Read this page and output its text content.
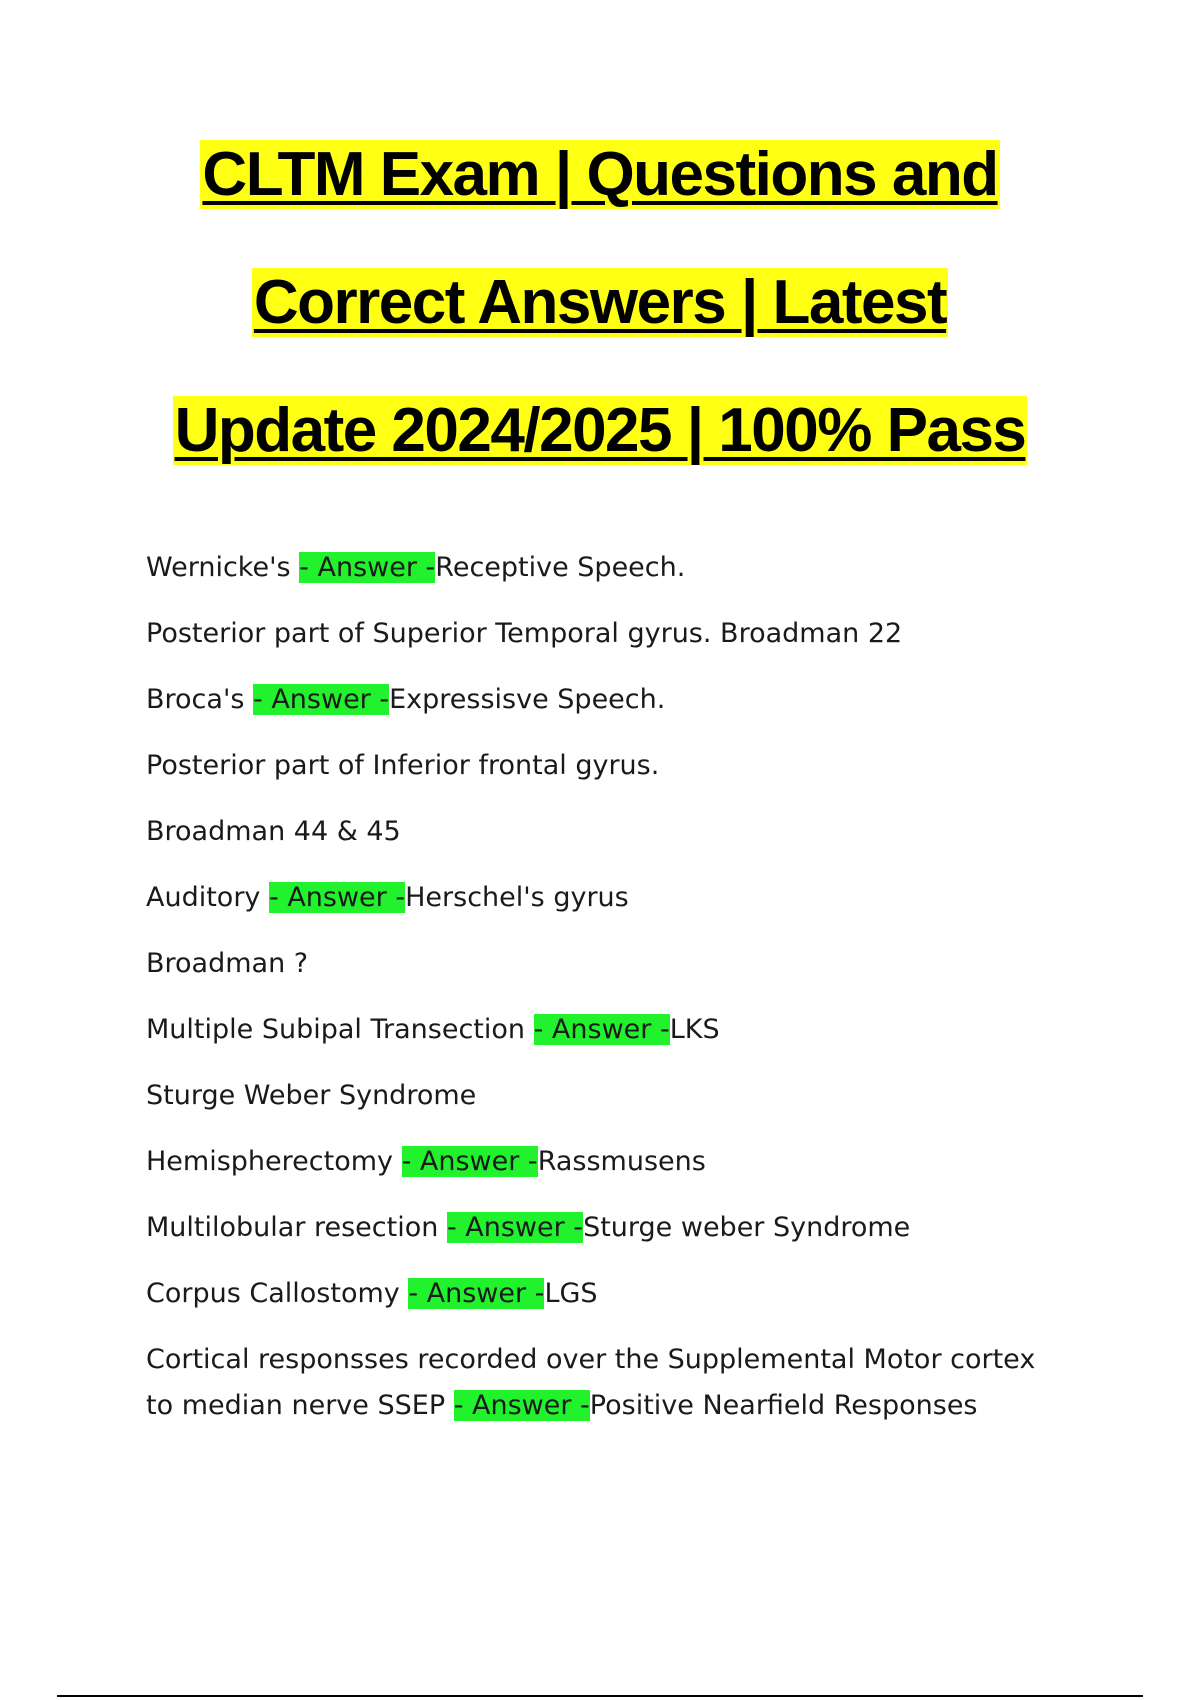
CLTM Exam | Questions and
Correct Answers | Latest
Update 2024/2025 | 100% Pass
Wernicke's - Answer -Receptive Speech.
Posterior part of Superior Temporal gyrus. Broadman 22
Broca's - Answer -Expressisve Speech.
Posterior part of Inferior frontal gyrus.
Broadman 44 & 45
Auditory - Answer -Herschel's gyrus
Broadman ?
Multiple Subipal Transection - Answer -LKS
Sturge Weber Syndrome
Hemispherectomy - Answer -Rassmusens
Multilobular resection - Answer -Sturge weber Syndrome
Corpus Callostomy - Answer -LGS
Cortical responsses recorded over the Supplemental Motor cortex to median nerve SSEP - Answer -Positive Nearfield Responses
